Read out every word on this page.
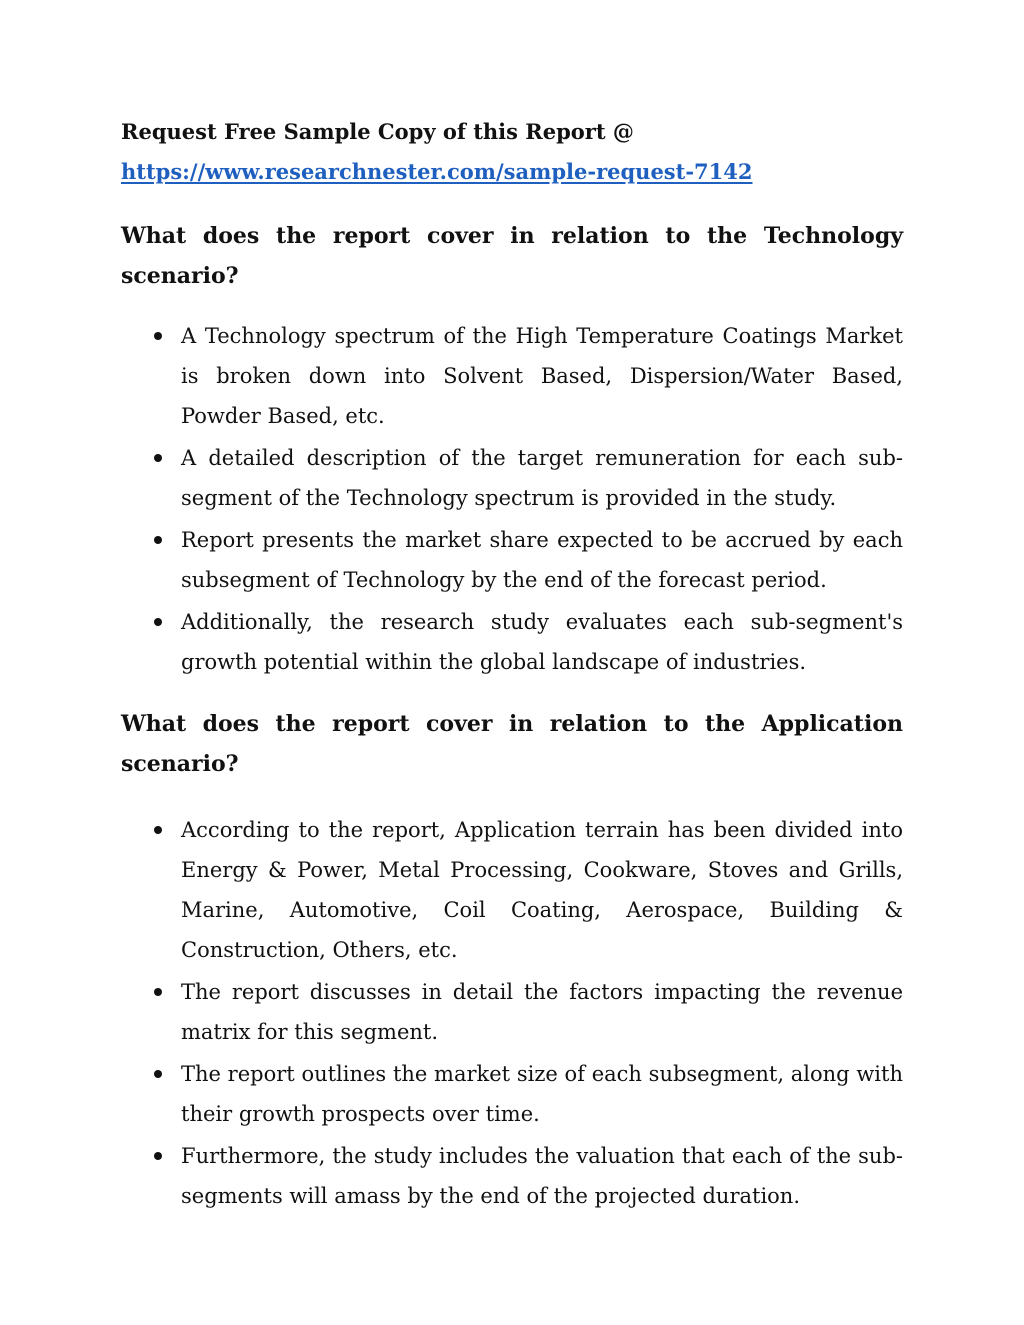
Request Free Sample Copy of this Report @

https://www.researchnester.com/sample-request-7142
What does the report cover in relation to the Technology scenario?
A Technology spectrum of the High Temperature Coatings Market is broken down into Solvent Based, Dispersion/Water Based, Powder Based, etc.
A detailed description of the target remuneration for each sub-segment of the Technology spectrum is provided in the study.
Report presents the market share expected to be accrued by each subsegment of Technology by the end of the forecast period.
Additionally, the research study evaluates each sub-segment's growth potential within the global landscape of industries.
What does the report cover in relation to the Application scenario?
According to the report, Application terrain has been divided into Energy & Power, Metal Processing, Cookware, Stoves and Grills, Marine, Automotive, Coil Coating, Aerospace, Building & Construction, Others, etc.
The report discusses in detail the factors impacting the revenue matrix for this segment.
The report outlines the market size of each subsegment, along with their growth prospects over time.
Furthermore, the study includes the valuation that each of the sub-segments will amass by the end of the projected duration.
